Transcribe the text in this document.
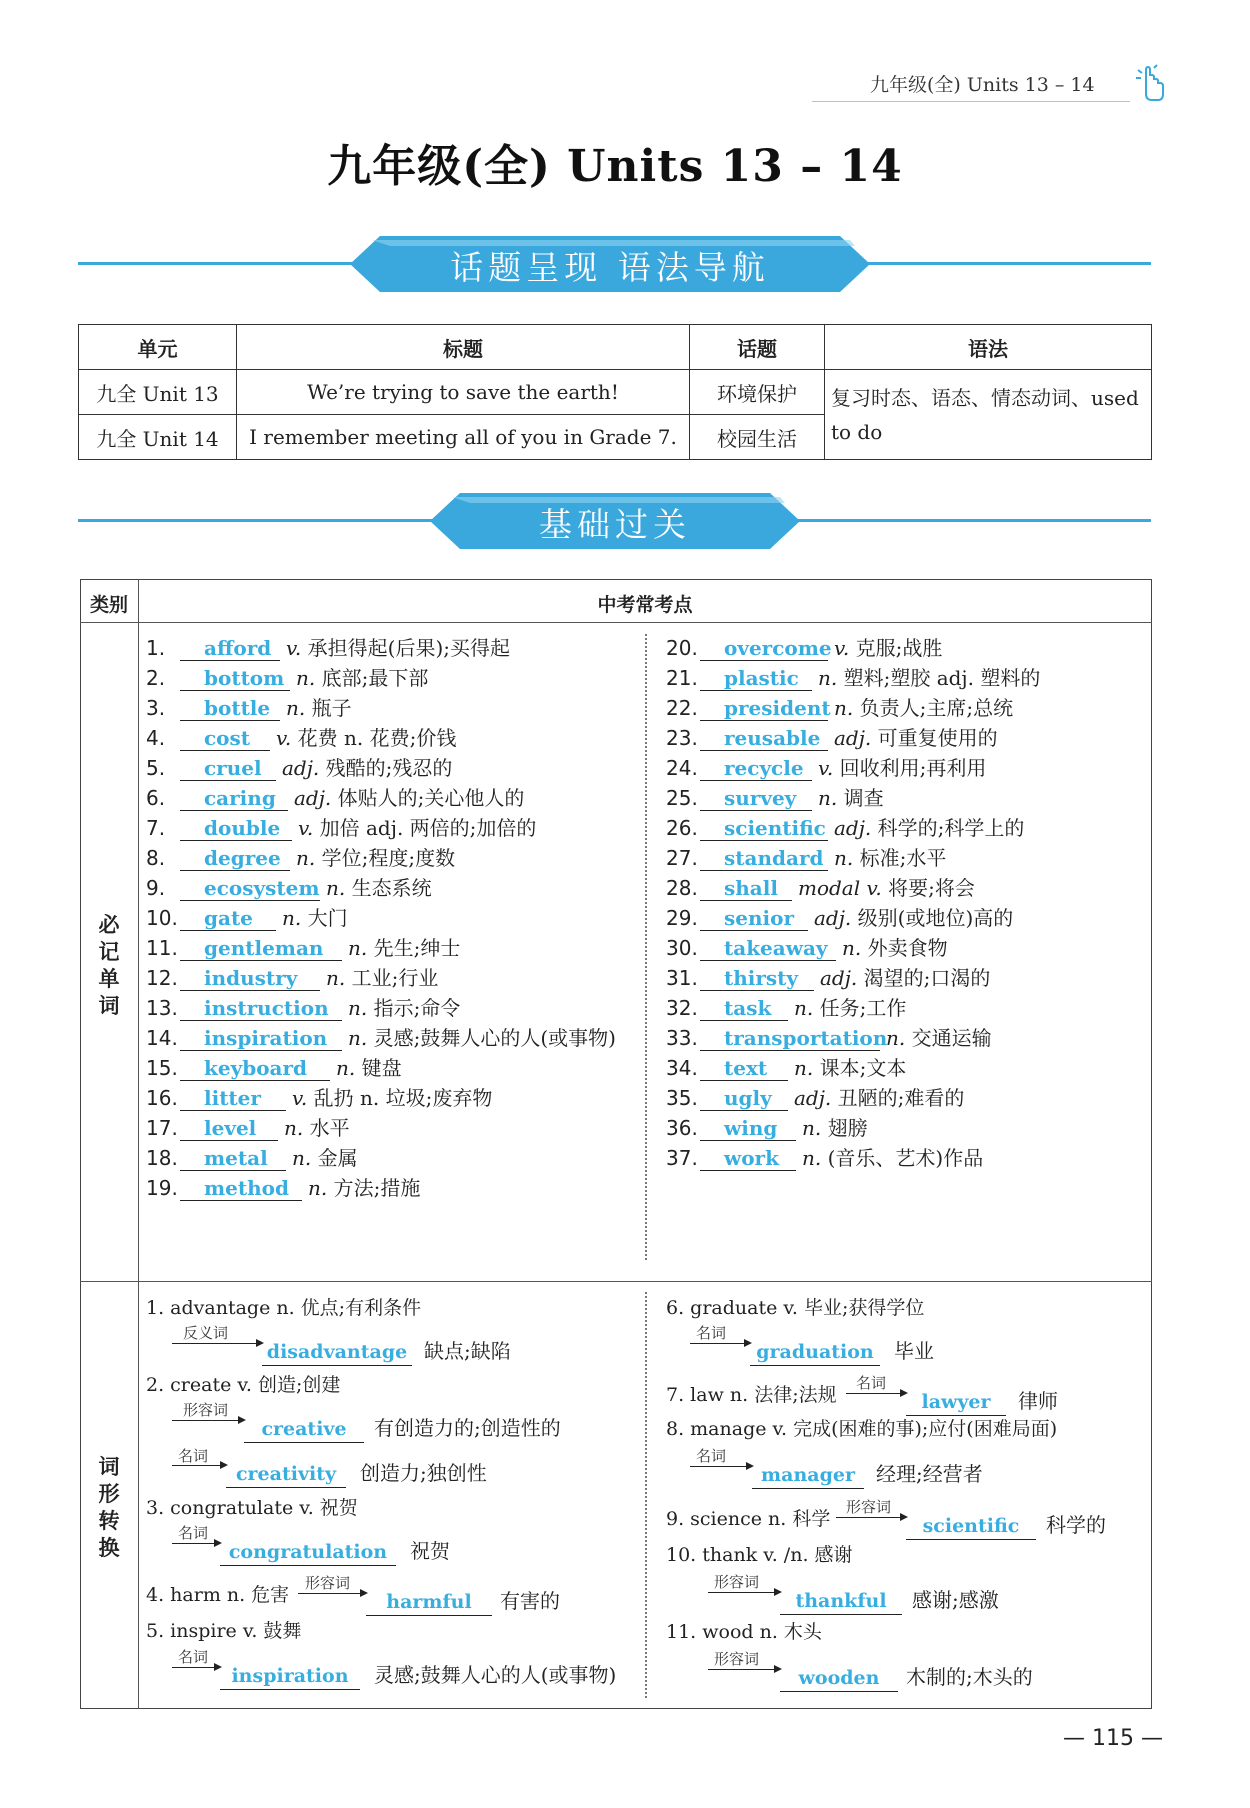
九年级(全) Units 13 – 14
九年级(全) Units 13 – 14
话题呈现 语法导航
单元	标题	话题	语法
九全 Unit 13	We’re trying to save the earth!	环境保护	复习时态、语态、情态动词、used to do
九全 Unit 14	I remember meeting all of you in Grade 7.	校园生活	
基础过关
类别	中考常考点
必记单词
词形转换
1. afford v. 承担得起(后果);买得起
2. bottom n. 底部;最下部
3. bottle n. 瓶子
4. cost v. 花费 n. 花费;价钱
5. cruel adj. 残酷的;残忍的
6. caring adj. 体贴人的;关心他人的
7. double v. 加倍 adj. 两倍的;加倍的
8. degree n. 学位;程度;度数
9. ecosystem n. 生态系统
10. gate n. 大门
11. gentleman n. 先生;绅士
12. industry n. 工业;行业
13. instruction n. 指示;命令
14. inspiration n. 灵感;鼓舞人心的人(或事物)
15. keyboard n. 键盘
16. litter v. 乱扔 n. 垃圾;废弃物
17. level n. 水平
18. metal n. 金属
19. method n. 方法;措施
20. overcome v. 克服;战胜
21. plastic n. 塑料;塑胶 adj. 塑料的
22. president n. 负责人;主席;总统
23. reusable adj. 可重复使用的
24. recycle v. 回收利用;再利用
25. survey n. 调查
26. scientific adj. 科学的;科学上的
27. standard n. 标准;水平
28. shall modal v. 将要;将会
29. senior adj. 级别(或地位)高的
30. takeaway n. 外卖食物
31. thirsty adj. 渴望的;口渴的
32. task n. 任务;工作
33. transportationn. 交通运输
34. text n. 课本;文本
35. ugly adj. 丑陋的;难看的
36. wing n. 翅膀
37. work n. (音乐、艺术)作品
1. advantage n. 优点;有利条件
反义词
disadvantage 缺点;缺陷
2. create v. 创造;创建
形容词
creative	有创造力的;创造性的
名词
creativity	创造力;独创性
3. congratulate v. 祝贺
名词
congratulation	祝贺
4. harm n. 危害
形容词
harmful	有害的
5. inspire v. 鼓舞
名词
inspiration	灵感;鼓舞人心的人(或事物)
6. graduate v. 毕业;获得学位
名词
graduation	毕业
7. law n. 法律;法规
名词
lawyer	律师
8. manage v. 完成(困难的事);应付(困难局面)
名词
manager	经理;经营者
9. science n. 科学
形容词
scientific	科学的
10. thank v. /n. 感谢
形容词
thankful	感谢;感激
11. wood n. 木头
形容词
wooden	木制的;木头的
— 115 —
